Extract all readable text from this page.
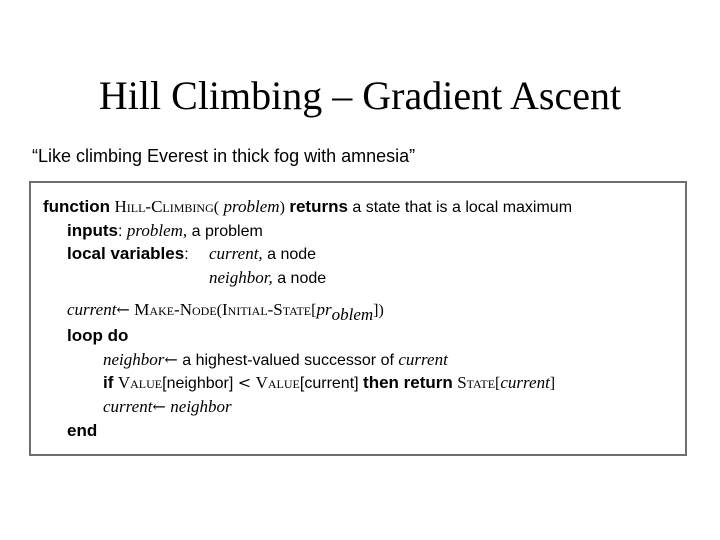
Hill Climbing – Gradient Ascent
“Like climbing Everest in thick fog with amnesia”
function Hill-Climbing( problem) returns a state that is a local maximum
inputs: problem, a problem
local variables: current, a node
neighbor, a node
current← Make-Node(Initial-State[problem])
loop do
neighbor← a highest-valued successor of current
if Value[neighbor] < Value[current] then return State[current]
current← neighbor
end
